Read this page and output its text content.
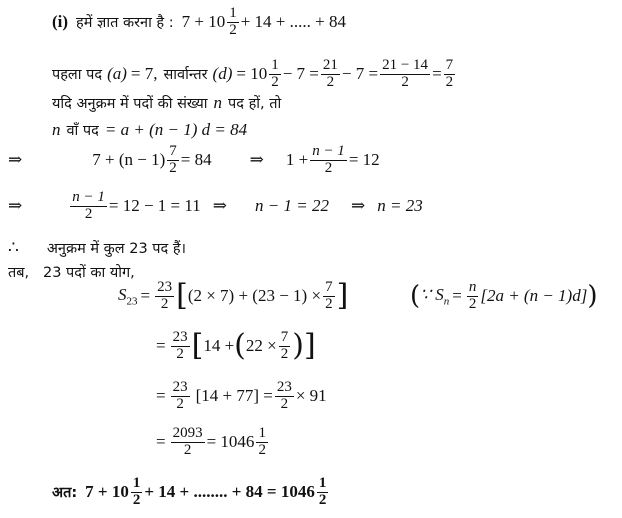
(i) हमें ज्ञात करना है : 7 + 10 1
2 + 14 + ..... + 84
पहला पद (a) = 7, सार्वान्तर (d) = 10 1
$2 - 7 = \frac{21}{2} - 7 = \frac{21 - 14}{2} = \frac{7}{2}$
यदि अनुक्रम में पदों की संख्या n पद हों, तो
n वाँ पद = a + (n − 1) d = 84
⇒	$7 + (n - 1) \frac{7}{2} = 84$ ⇒ $1 + \frac{n - 1}{2} = 12$
⇒	$\frac{n - 1}{2} = 12 - 1 = 11$ ⇒ n − 1 = 22 ⇒ n = 23
∴ अनुक्रम में कुल 23 पद हैं।
तब,   23 पदों का योग,
$S_{23} = \frac{23}{2}$ [ $(2 \times 7) + (23 - 1) \times \frac{7}{2}$ ] ( ∵ $S_n = \frac{n}{2} [2a + (n - 1)d]$ )
= $\frac{23}{2}$ [ 14 + ( $22 \times \frac{7}{2}$ ) ]
= $\frac{23}{2} [14 + 77] = \frac{23}{2} \times 91$
= $\frac{2093}{2} = 1046$ 1
2
अत: 7 + 10 1
2 + 14 + ........ + 84 = 1046 1
2
